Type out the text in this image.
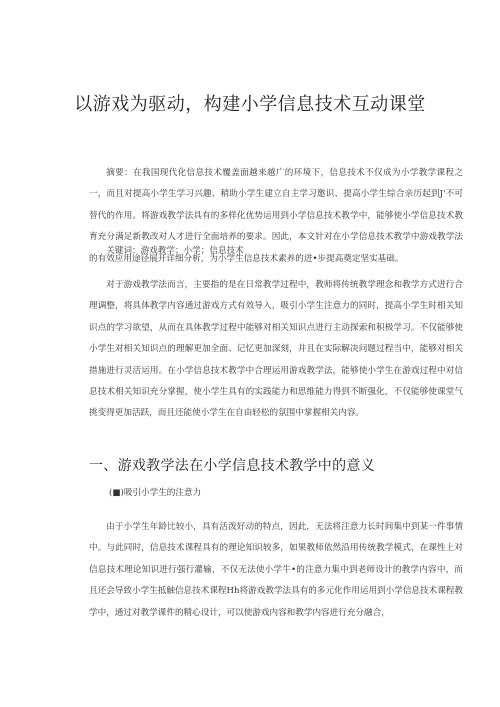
以游戏为驱动，构建小学信息技术互动课堂

摘要：在我国现代化信息技术覆盖面越来越广的环境下，信息技术不仅成为小学教学课程之一，而且对提高小学生学习兴趣、稍助小学生建立自主学习邀识、提高小学生综合亲历起到J'不可替代的作用。将游戏教学法具有的多样化优势运用到小学信息技术教学中，能够使小学信息技术教育充分满足新教改对人才进行全面培养的要求。因此，本文针对在小学信息技术教学中游戏教学法的有效应用途径展开详细分析，为小学生信息技术素养的进•步提高奠定坚实基础。

关键词：游戏教学；小学；信息技术

对于游戏教学法而言，主要指的是在日常教学过程中，教师将传统教学理念和教学方式进行合理调整，将具体教学内容通过游戏方式有效导入，吸引小学生注意力的同时，提高小学生时相关知识点的学习欲望，从而在具体教学过程中能够对相关知识点进行主动探索和积极学习。不仅能够使小学生对相关知识点的理解更加全面、记忆更加深刻，并且在实际解决问题过程当中，能够对相关措施进行灵活运用。在小学信息技术教学中合理运用游戏教学法，能够使小学生在游戏过程中对信息技术相关知识充分掌握，使小学生具有的实践能力和思维能力得到不断强化，不仅能够使课堂气挑变得更加活跃，而且还能使小学生在自由轻松的氛围中掌握相关内容。

一、游戏教学法在小学信息技术教学中的意义
(■)吸引小学生的注意力

由于小学生年龄比较小，具有活泼好动的特点，因此，无法将注意力长时间集中到某一件事情中。与此同时，信息技术课程具有的理论知识较多，如果教师依然沿用传统教学模式，在课性上对信息技术理论知识进行强行灌输，不仅无法使小学牛•的注意力集中到老师设计的教学内容中，而且还会导致小学生抵触信息技术课程Hh将游戏教学法具有的多元化作用运用到小学信息技术课程教学中，通过对教学课件的精心设计，可以使游戏内容和教学内容进行充分融合，
